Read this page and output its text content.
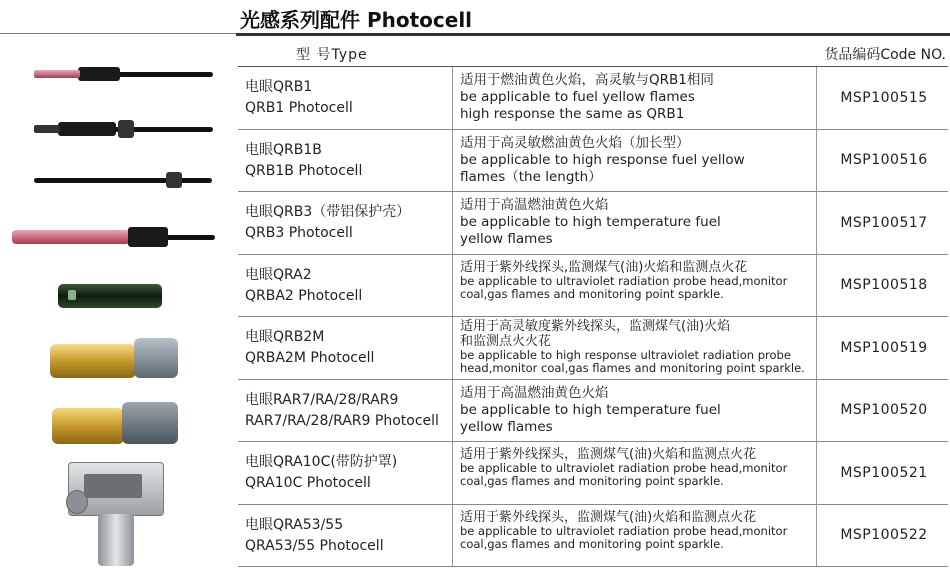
光感系列配件 Photocell
型 号Type	货品编码Code NO.
电眼QRB1
QRB1 Photocell
适用于燃油黄色火焰，高灵敏与QRB1相同
be applicable to fuel yellow flames
high response the same as QRB1
MSP100515
电眼QRB1B
QRB1B Photocell
适用于高灵敏燃油黄色火焰（加长型）
be applicable to high response fuel yellow
flames（the length）
MSP100516
电眼QRB3（带铝保护壳）
QRB3 Photocell
适用于高温燃油黄色火焰
be applicable to high temperature fuel
yellow flames
MSP100517
电眼QRA2
QRBA2 Photocell
适用于紫外线探头,监测煤气(油)火焰和监测点火花
be applicable to ultraviolet radiation probe head,monitor
coal,gas flames and monitoring point sparkle.
MSP100518
电眼QRB2M
QRBA2M Photocell
适用于高灵敏度紫外线探头，监测煤气(油)火焰
和监测点火火花
be applicable to high response ultraviolet radiation probe
head,monitor coal,gas flames and monitoring point sparkle.
MSP100519
电眼RAR7/RA/28/RAR9
RAR7/RA/28/RAR9 Photocell
适用于高温燃油黄色火焰
be applicable to high temperature fuel
yellow flames
MSP100520
电眼QRA10C(带防护罩)
QRA10C Photocell
适用于紫外线探头，监测煤气(油)火焰和监测点火花
be applicable to ultraviolet radiation probe head,monitor
coal,gas flames and monitoring point sparkle.
MSP100521
电眼QRA53/55
QRA53/55 Photocell
适用于紫外线探头，监测煤气(油)火焰和监测点火花
be applicable to ultraviolet radiation probe head,monitor
coal,gas flames and monitoring point sparkle.
MSP100522
